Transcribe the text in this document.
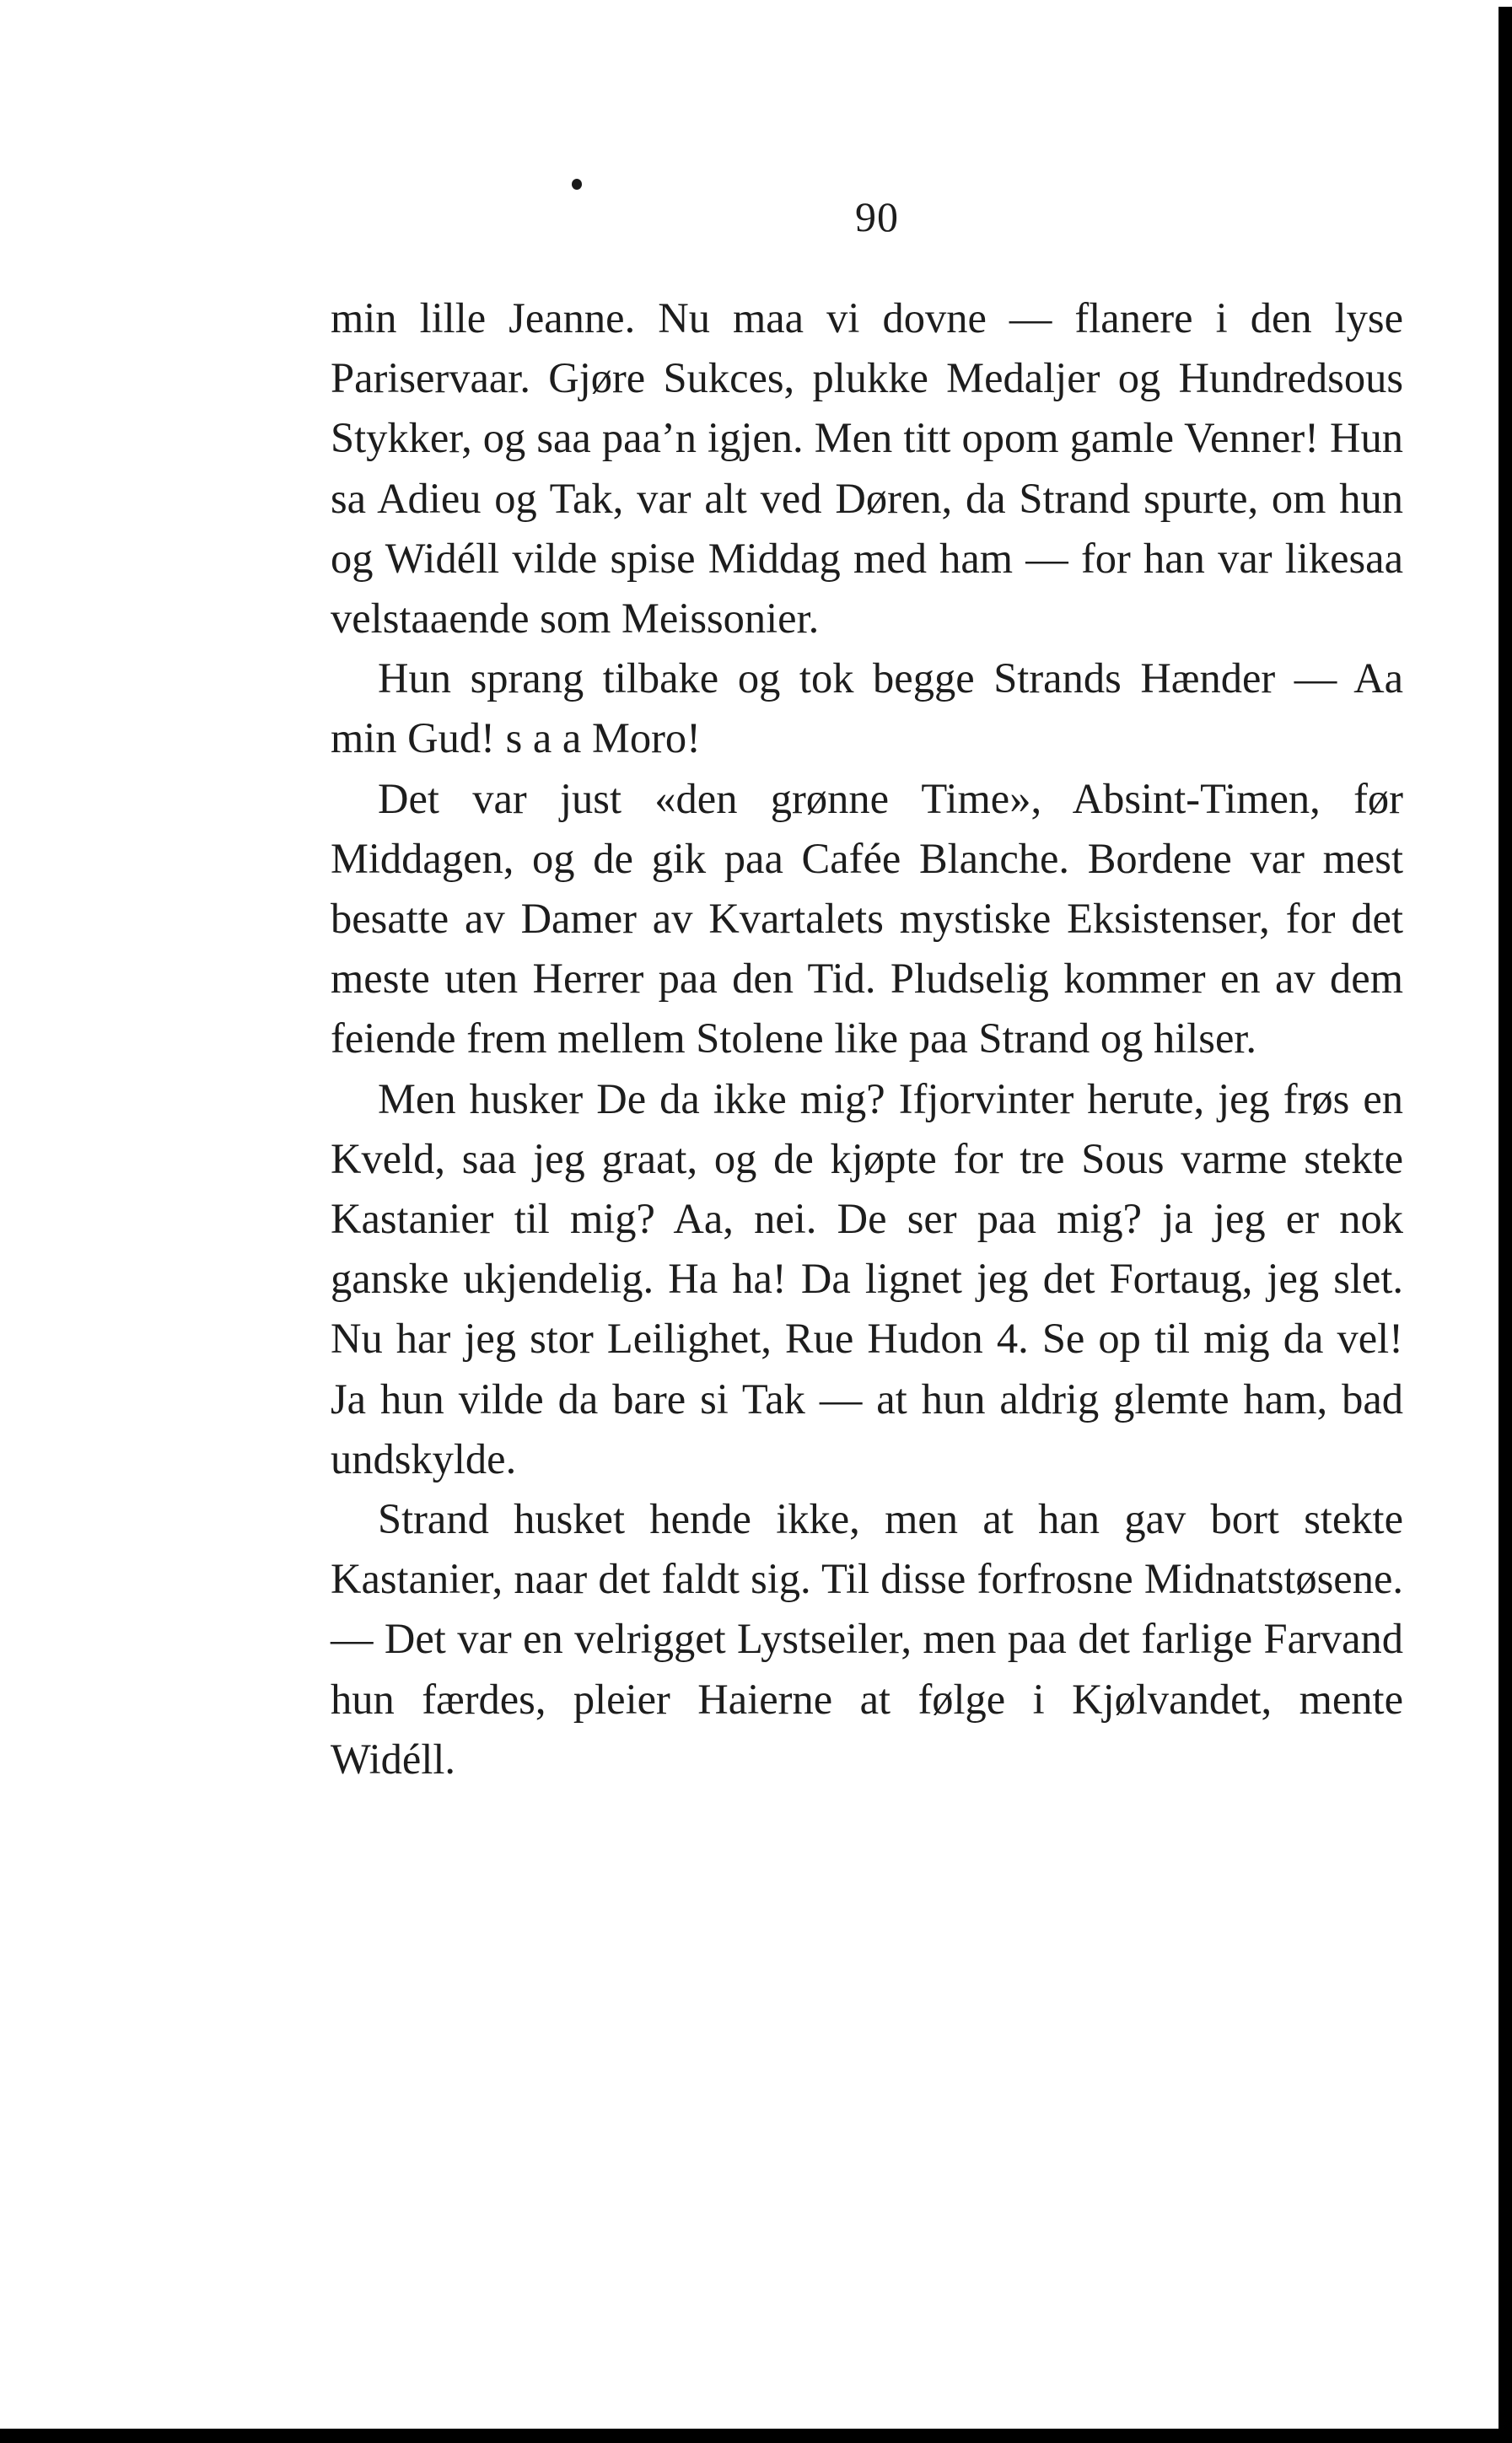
90

min lille Jeanne. Nu maa vi dovne — flanere i den lyse Pariservaar. Gjøre Sukces, plukke Medaljer og Hundredsous Stykker, og saa paa’n igjen. Men titt opom gamle Venner! Hun sa Adieu og Tak, var alt ved Døren, da Strand spurte, om hun og Widéll vilde spise Middag med ham — for han var likesaa velstaaende som Meissonier.

Hun sprang tilbake og tok begge Strands Hænder — Aa min Gud! s a a Moro!

Det var just «den grønne Time», Absint-Timen, før Middagen, og de gik paa Cafée Blanche. Bordene var mest besatte av Damer av Kvartalets mystiske Eksistenser, for det meste uten Herrer paa den Tid. Pludselig kommer en av dem feiende frem mellem Stolene like paa Strand og hilser.

Men husker De da ikke mig? Ifjorvinter herute, jeg frøs en Kveld, saa jeg graat, og de kjøpte for tre Sous varme stekte Kastanier til mig? Aa, nei. De ser paa mig? ja jeg er nok ganske ukjendelig. Ha ha! Da lignet jeg det Fortaug, jeg slet. Nu har jeg stor Leilighet, Rue Hudon 4. Se op til mig da vel! Ja hun vilde da bare si Tak — at hun aldrig glemte ham, bad undskylde.

Strand husket hende ikke, men at han gav bort stekte Kastanier, naar det faldt sig. Til disse forfrosne Midnatstøsene. — Det var en velrigget Lystseiler, men paa det farlige Farvand hun færdes, pleier Haierne at følge i Kjølvandet, mente Widéll.
